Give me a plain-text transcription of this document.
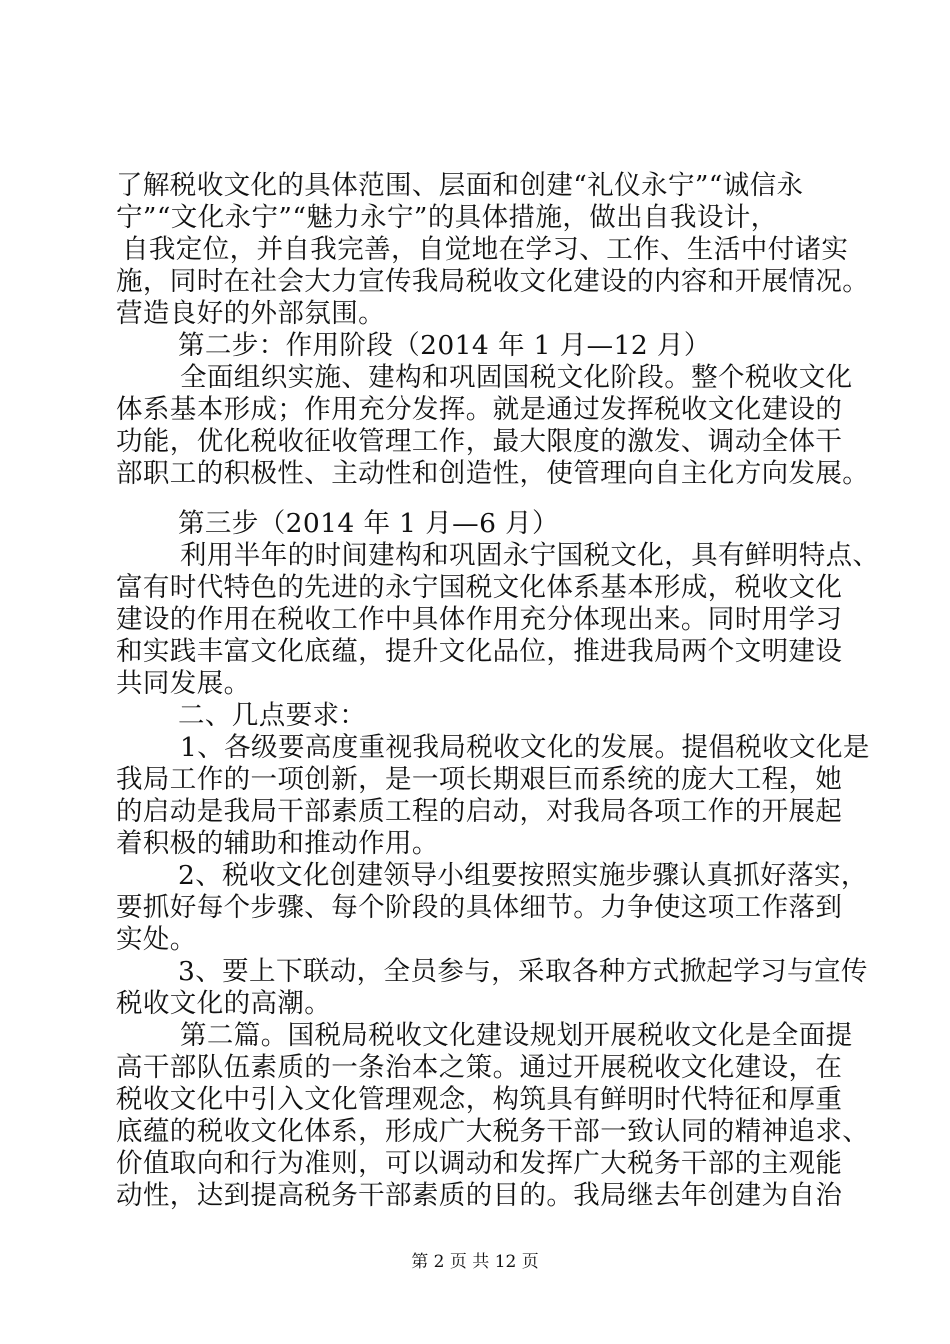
了解税收文化的具体范围、层面和创建“礼仪永宁”“诚信永
宁”“文化永宁”“魅力永宁”的具体措施，做出自我设计，
自我定位，并自我完善，自觉地在学习、工作、生活中付诸实
施，同时在社会大力宣传我局税收文化建设的内容和开展情况。
营造良好的外部氛围。
第二步：作用阶段（2014 年 1 月—12 月）
全面组织实施、建构和巩固国税文化阶段。整个税收文化
体系基本形成；作用充分发挥。就是通过发挥税收文化建设的
功能，优化税收征收管理工作，最大限度的激发、调动全体干
部职工的积极性、主动性和创造性，使管理向自主化方向发展。
第三步（2014 年 1 月—6 月）
利用半年的时间建构和巩固永宁国税文化，具有鲜明特点、
富有时代特色的先进的永宁国税文化体系基本形成，税收文化
建设的作用在税收工作中具体作用充分体现出来。同时用学习
和实践丰富文化底蕴，提升文化品位，推进我局两个文明建设
共同发展。
二、几点要求：
1、各级要高度重视我局税收文化的发展。提倡税收文化是
我局工作的一项创新，是一项长期艰巨而系统的庞大工程，她
的启动是我局干部素质工程的启动，对我局各项工作的开展起
着积极的辅助和推动作用。
2、税收文化创建领导小组要按照实施步骤认真抓好落实，
要抓好每个步骤、每个阶段的具体细节。力争使这项工作落到
实处。
3、要上下联动，全员参与，采取各种方式掀起学习与宣传
税收文化的高潮。
第二篇。国税局税收文化建设规划开展税收文化是全面提
高干部队伍素质的一条治本之策。通过开展税收文化建设，在
税收文化中引入文化管理观念，构筑具有鲜明时代特征和厚重
底蕴的税收文化体系，形成广大税务干部一致认同的精神追求、
价值取向和行为准则，可以调动和发挥广大税务干部的主观能
动性，达到提高税务干部素质的目的。我局继去年创建为自治
第 2 页 共 12 页
